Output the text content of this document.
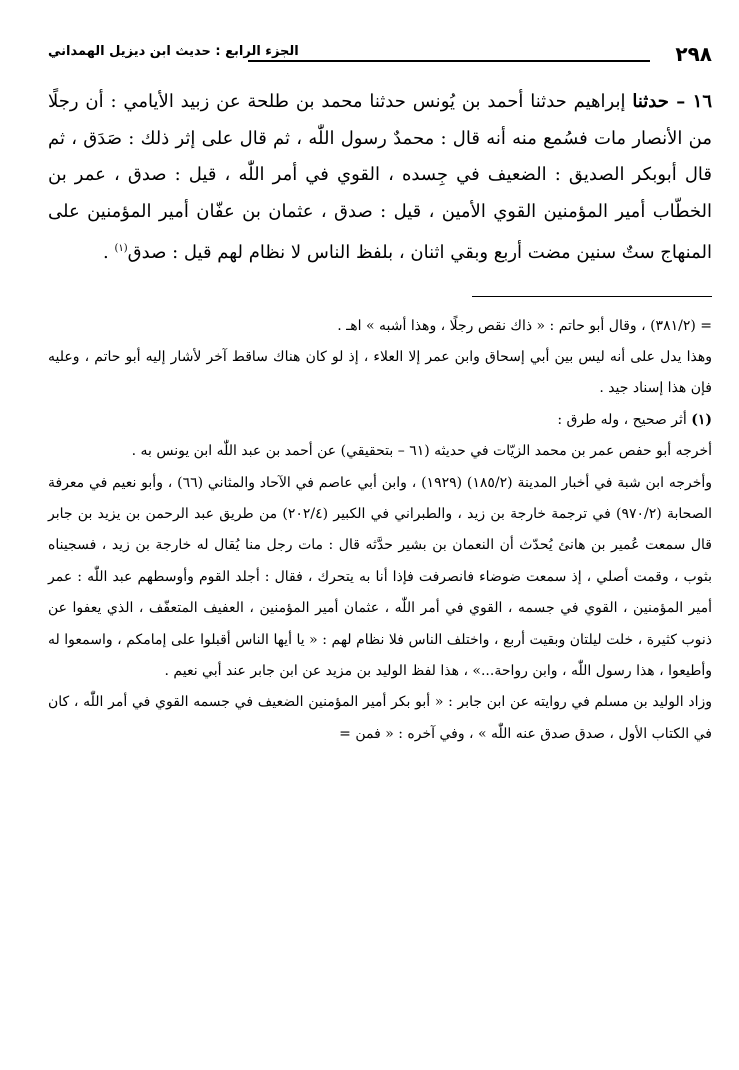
٢٩٨
الجزء الرابع : حديث ابن ديزيل الهمداني
١٦ – حدثنا إبراهيم حدثنا أحمد بن يُونس حدثنا محمد بن طلحة عن زبيد الأيامي : أن رجلًا من الأنصار مات فسُمع منه أنه قال : محمدٌ رسول اللّٰه ، ثم قال على إثر ذلك : صَدَق ، ثم قال أبوبكر الصديق : الضعيف في جِسده ، القوي في أمر اللّٰه ، قيل : صدق ، عمر بن الخطّاب أمير المؤمنين القوي الأمين ، قيل : صدق ، عثمان بن عفّان أمير المؤمنين على المنهاج ستٌ سنين مضت أربع وبقي اثنان ، بلفظ الناس لا نظام لهم قيل : صدق$^{(١)}$ .

= (٣٨١/٢) ، وقال أبو حاتم : « ذاك نقص رجلًا ، وهذا أشبه » اهـ .

وهذا يدل على أنه ليس بين أبي إسحاق وابن عمر إلا العلاء ، إذ لو كان هناك ساقط آخر لأشار إليه أبو حاتم ، وعليه فإن هذا إسناد جيد .

(١) أثر صحيح ، وله طرق :

أخرجه أبو حفص عمر بن محمد الزيّات في حديثه (٦١ – بتحقيقي) عن أحمد بن عبد اللّٰه ابن يونس به .

وأخرجه ابن شبة في أخبار المدينة (١٨٥/٢) (١٩٢٩) ، وابن أبي عاصم في الآحاد والمثاني (٦٦) ، وأبو نعيم في معرفة الصحابة (٩٧٠/٢) في ترجمة خارجة بن زيد ، والطبراني في الكبير (٢٠٢/٤) من طريق عبد الرحمن بن يزيد بن جابر قال سمعت عُمير بن هانئ يُحدّث أن النعمان بن بشير حدَّثه قال : مات رجل منا يُقال له خارجة بن زيد ، فسجيناه بثوب ، وقمت أصلي ، إذ سمعت ضوضاء فانصرفت فإذا أنا به يتحرك ، فقال : أجلد القوم وأوسطهم عبد اللّٰه : عمر أمير المؤمنين ، القوي في جسمه ، القوي في أمر اللّٰه ، عثمان أمير المؤمنين ، العفيف المتعفّف ، الذي يعفوا عن ذنوب كثيرة ، خلت ليلتان وبقيت أربع ، واختلف الناس فلا نظام لهم : « يا أيها الناس أقبلوا على إمامكم ، واسمعوا له وأطيعوا ، هذا رسول اللّٰه ، وابن رواحة...» ، هذا لفظ الوليد بن مزيد عن ابن جابر عند أبي نعيم .

وزاد الوليد بن مسلم في روايته عن ابن جابر : « أبو بكر أمير المؤمنين الضعيف في جسمه القوي في أمر اللّٰه ، كان في الكتاب الأول ، صدق صدق عنه اللّٰه » ، وفي آخره : « فمن =
